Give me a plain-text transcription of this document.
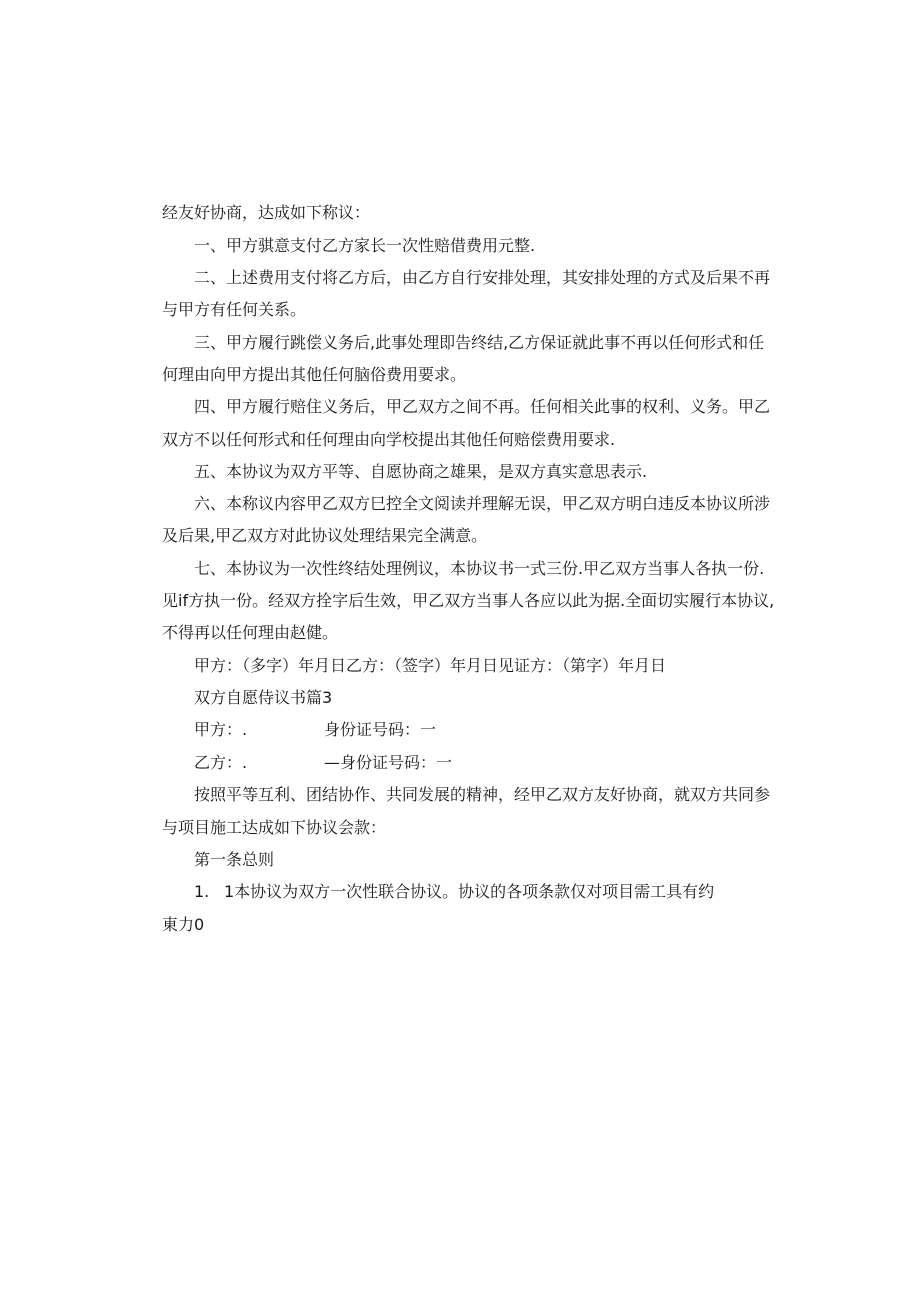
经友好协商，达成如下称议：
一、甲方骐意支付乙方家长一次性赔借费用元整.
二、上述费用支付将乙方后，由乙方自行安排处理，其安排处理的方式及后果不再
与甲方有任何关系。
三、甲方履行跳偿义务后,此事处理即告终结,乙方保证就此事不再以任何形式和任
何理由向甲方提出其他任何脑俗费用要求。
四、甲方履行赔住义务后，甲乙双方之间不再。任何相关此事的权利、义务。甲乙
双方不以任何形式和任何理由向学校提出其他任何赔偿费用要求.
五、本协议为双方平等、自愿协商之雄果，是双方真实意思表示.
六、本称议内容甲乙双方巳控全文阅读并理解无误，甲乙双方明白违反本协议所涉
及后果,甲乙双方对此协议处理结果完全满意。
七、本协议为一次性终结处理例议，本协议书一式三份.甲乙双方当事人各执一份.
见if方执一份。经双方拴字后生效，甲乙双方当事人各应以此为据.全面切实履行本协议,
不得再以任何理由赵健。
甲方：（多字）年月日乙方：（签字）年月日见证方：（第字）年月日
双方自愿侍议书篇3
甲方：.	身份证号码：一
乙方：.	—身份证号码：一
按照平等互利、团结协作、共同发展的精神，经甲乙双方友好协商，就双方共同参
与项目施工达成如下协议会款：
第一条总则
1. 1本协议为双方一次性联合协议。协议的各项条款仅对项目需工具有约
東力0
